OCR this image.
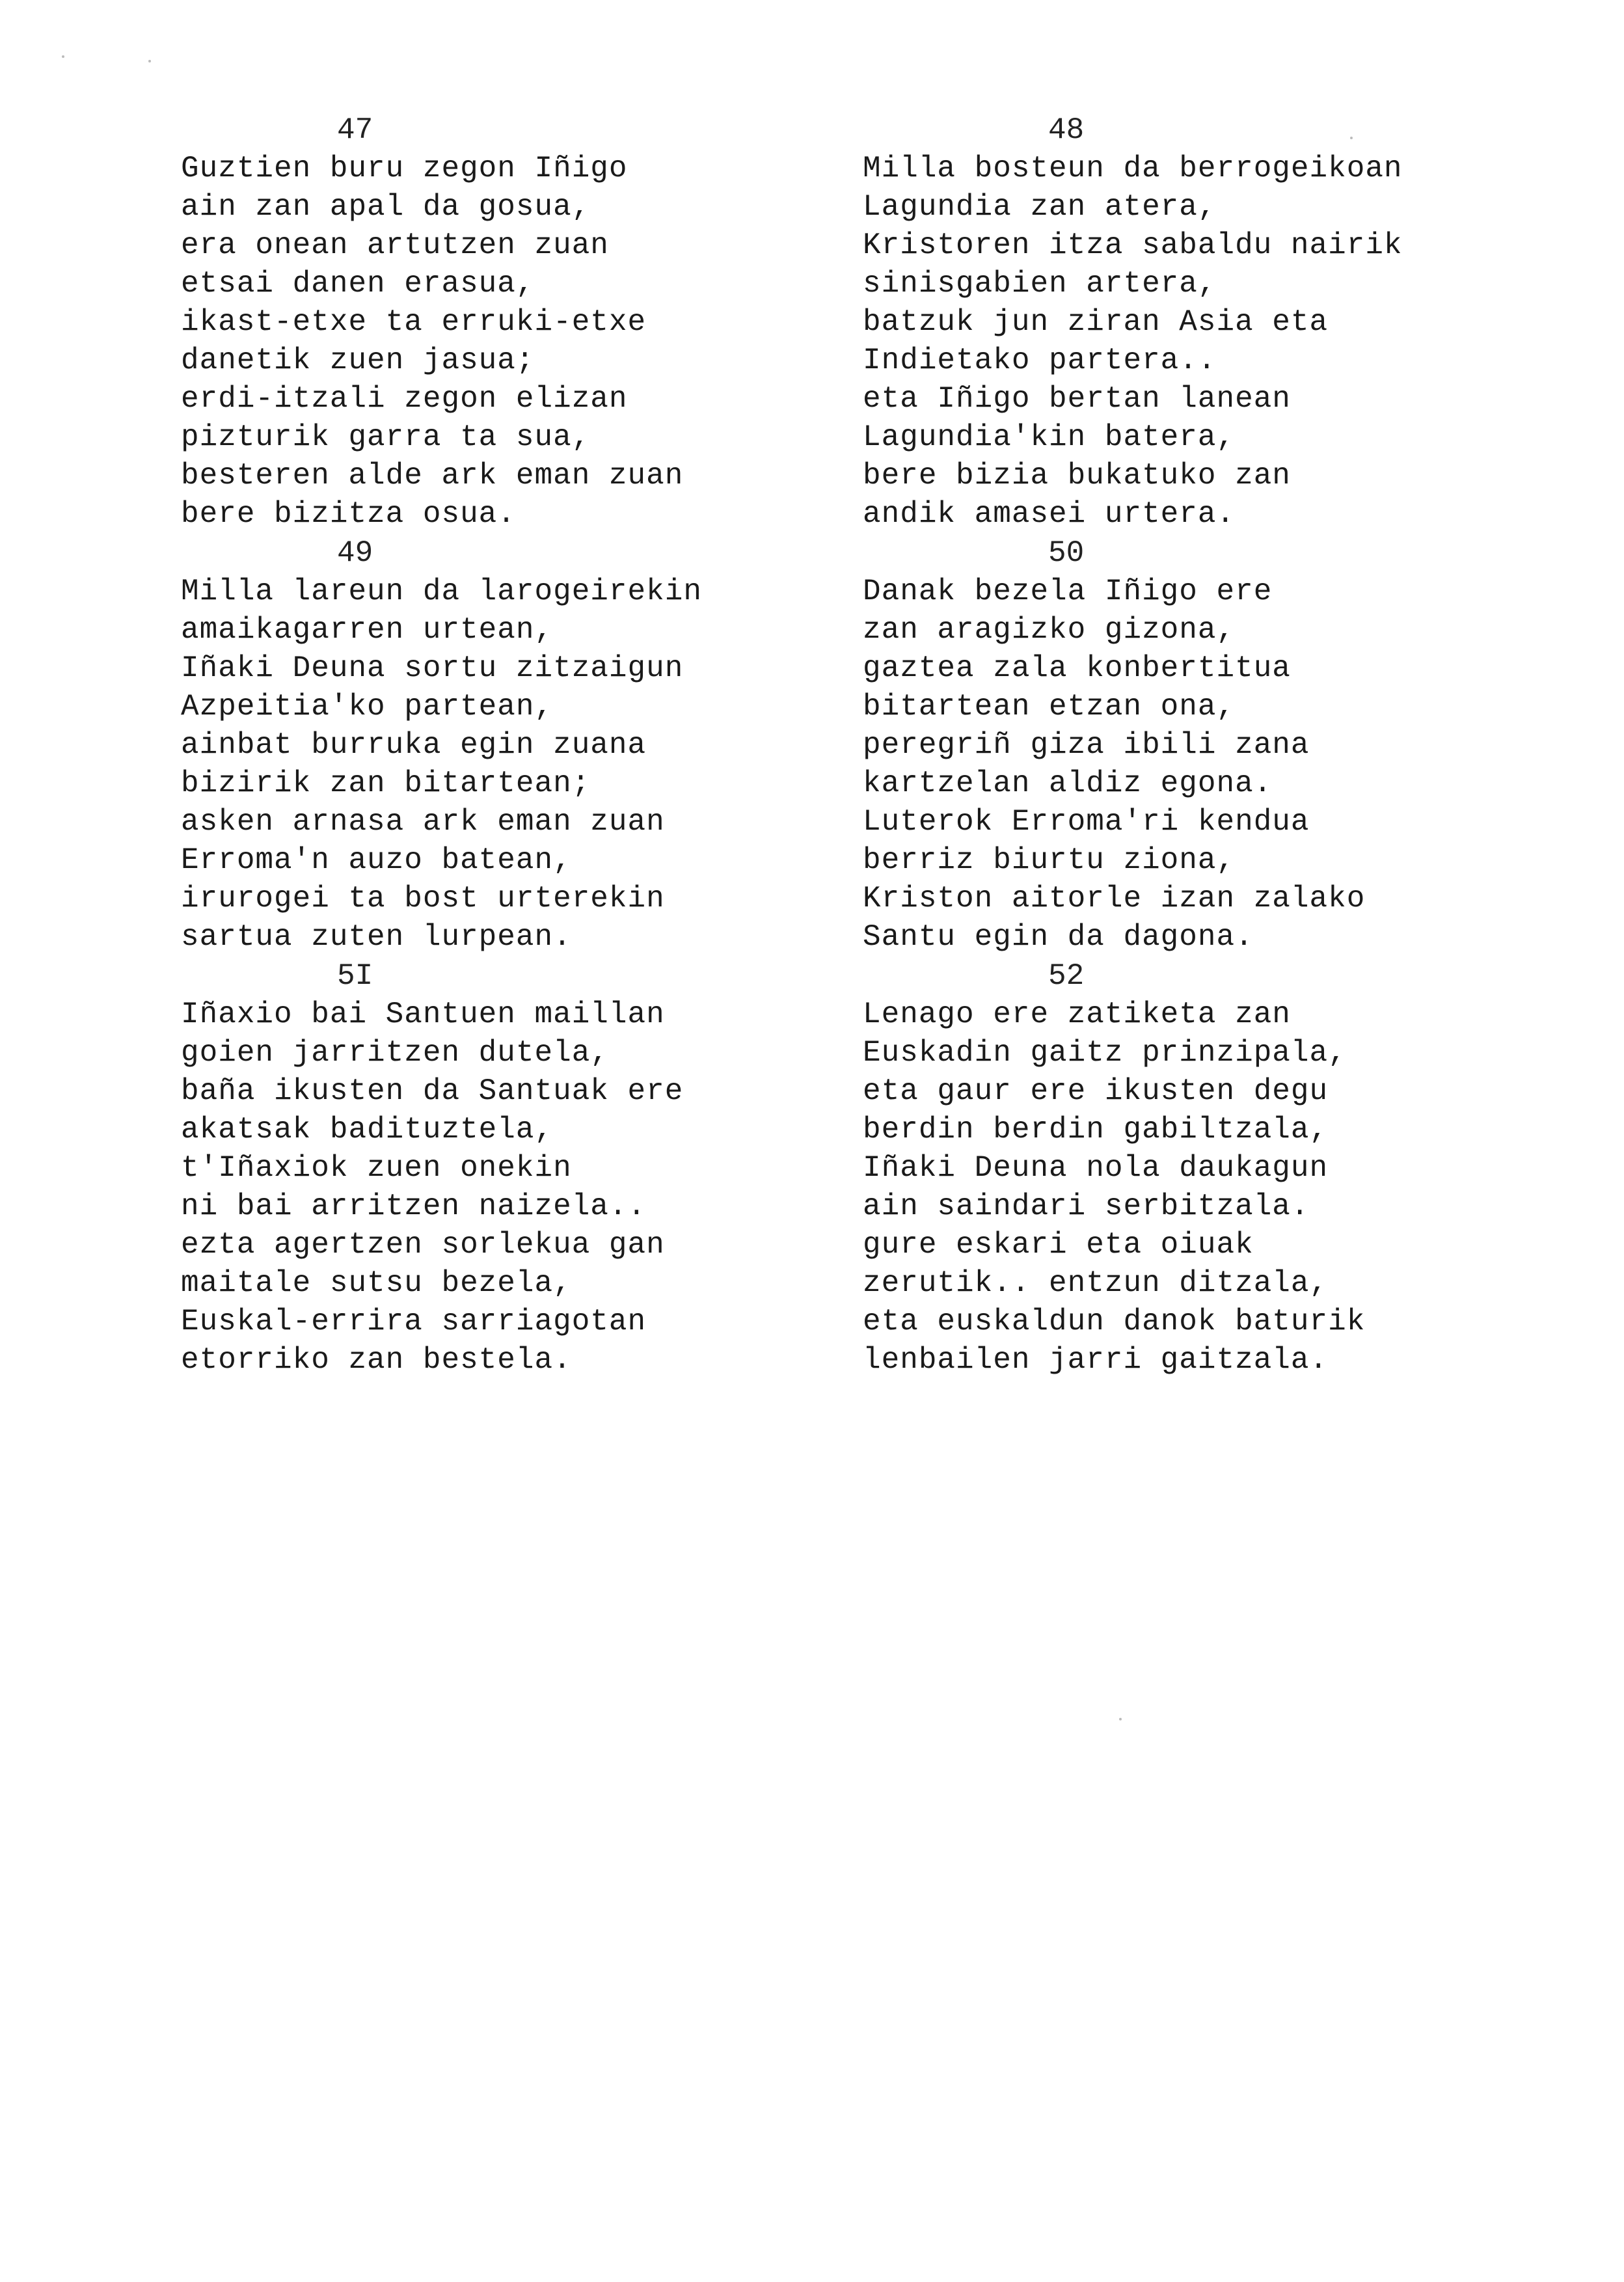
47
Guztien buru zegon Iñigo
ain zan apal da gosua,
era onean artutzen zuan
etsai danen erasua,
ikast-etxe ta erruki-etxe
danetik zuen jasua;
erdi-itzali zegon elizan
pizturik garra ta sua,
besteren alde ark eman zuan
bere bizitza osua.
49
Milla lareun da larogeirekin
amaikagarren urtean,
Iñaki Deuna sortu zitzaigun
Azpeitia'ko partean,
ainbat burruka egin zuana
bizirik zan bitartean;
asken arnasa ark eman zuan
Erroma'n auzo batean,
irurogei ta bost urterekin
sartua zuten lurpean.
5I
Iñaxio bai Santuen maillan
goien jarritzen dutela,
baña ikusten da Santuak ere
akatsak badituztela,
t'Iñaxiok zuen onekin
ni bai arritzen naizela..
ezta agertzen sorlekua gan
maitale sutsu bezela,
Euskal-errira sarriagotan
etorriko zan bestela.
48
Milla bosteun da berrogeikoan
Lagundia zan atera,
Kristoren itza sabaldu nairik
sinisgabien artera,
batzuk jun ziran Asia eta
Indietako partera..
eta Iñigo bertan lanean
Lagundia'kin batera,
bere bizia bukatuko zan
andik amasei urtera.
50
Danak bezela Iñigo ere
zan aragizko gizona,
gaztea zala konbertitua
bitartean etzan ona,
peregriñ giza ibili zana
kartzelan aldiz egona.
Luterok Erroma'ri kendua
berriz biurtu ziona,
Kriston aitorle izan zalako
Santu egin da dagona.
52
Lenago ere zatiketa zan
Euskadin gaitz prinzipala,
eta gaur ere ikusten degu
berdin berdin gabiltzala,
Iñaki Deuna nola daukagun
ain saindari serbitzala.
gure eskari eta oiuak
zerutik.. entzun ditzala,
eta euskaldun danok baturik
lenbailen jarri gaitzala.
